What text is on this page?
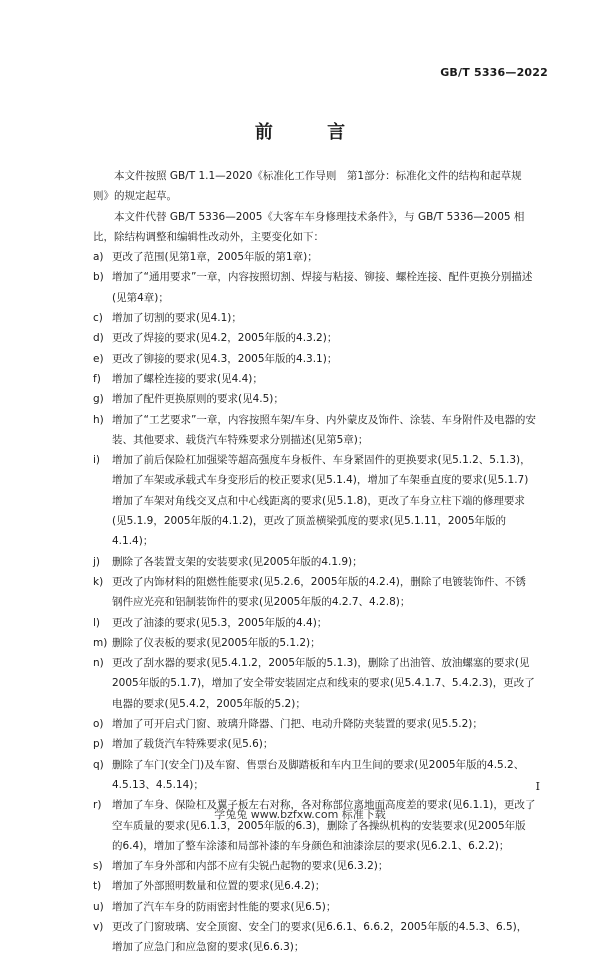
GB/T 5336—2022
前 言

本文件按照 GB/T 1.1—2020《标准化工作导则　第1部分：标准化文件的结构和起草规则》的规定起草。

本文件代替 GB/T 5336—2005《大客车车身修理技术条件》，与 GB/T 5336—2005 相比，除结构调整和编辑性改动外，主要变化如下：

a) 更改了范围(见第1章，2005年版的第1章)；
b) 增加了“通用要求”一章，内容按照切割、焊接与粘接、铆接、螺栓连接、配件更换分别描述(见第4章)；
c) 增加了切割的要求(见4.1)；
d) 更改了焊接的要求(见4.2，2005年版的4.3.2)；
e) 更改了铆接的要求(见4.3，2005年版的4.3.1)；
f)	增加了螺栓连接的要求(见4.4)；
g) 增加了配件更换原则的要求(见4.5)；
h) 增加了“工艺要求”一章，内容按照车架/车身、内外蒙皮及饰件、涂装、车身附件及电器的安装、其他要求、载货汽车特殊要求分别描述(见第5章)；
i)	增加了前后保险杠加强梁等超高强度车身板件、车身紧固件的更换要求(见5.1.2、5.1.3)，增加了车架或承载式车身变形后的校正要求(见5.1.4)，增加了车架垂直度的要求(见5.1.7)增加了车架对角线交叉点和中心线距离的要求(见5.1.8)，更改了车身立柱下端的修理要求(见5.1.9，2005年版的4.1.2)，更改了顶盖横梁弧度的要求(见5.1.11，2005年版的4.1.4)；
j)	删除了各装置支架的安装要求(见2005年版的4.1.9)；
k) 更改了内饰材料的阻燃性能要求(见5.2.6，2005年版的4.2.4)，删除了电镀装饰件、不锈钢件应光亮和铝制装饰件的要求(见2005年版的4.2.7、4.2.8)；
l)	更改了油漆的要求(见5.3，2005年版的4.4)；
m) 删除了仪表板的要求(见2005年版的5.1.2)；
n) 更改了刮水器的要求(见5.4.1.2，2005年版的5.1.3)，删除了出油管、放油螺塞的要求(见2005年版的5.1.7)，增加了安全带安装固定点和线束的要求(见5.4.1.7、5.4.2.3)，更改了电器的要求(见5.4.2，2005年版的5.2)；
o) 增加了可开启式门窗、玻璃升降器、门把、电动升降防夹装置的要求(见5.5.2)；
p) 增加了载货汽车特殊要求(见5.6)；
q) 删除了车门(安全门)及车窗、售票台及脚踏板和车内卫生间的要求(见2005年版的4.5.2、4.5.13、4.5.14)；
r)	增加了车身、保险杠及翼子板左右对称，各对称部位离地面高度差的要求(见6.1.1)，更改了空车质量的要求(见6.1.3，2005年版的6.3)，删除了各操纵机构的安装要求(见2005年版的6.4)，增加了整车涂漆和局部补漆的车身颜色和油漆涂层的要求(见6.2.1、6.2.2)；
s) 增加了车身外部和内部不应有尖锐凸起物的要求(见6.3.2)；
t)	增加了外部照明数量和位置的要求(见6.4.2)；
u) 增加了汽车车身的防雨密封性能的要求(见6.5)；
v) 更改了门窗玻璃、安全顶窗、安全门的要求(见6.6.1、6.6.2，2005年版的4.5.3、6.5)，增加了应急门和应急窗的要求(见6.6.3)；
I
学兔兔 www.bzfxw.com 标准下载
